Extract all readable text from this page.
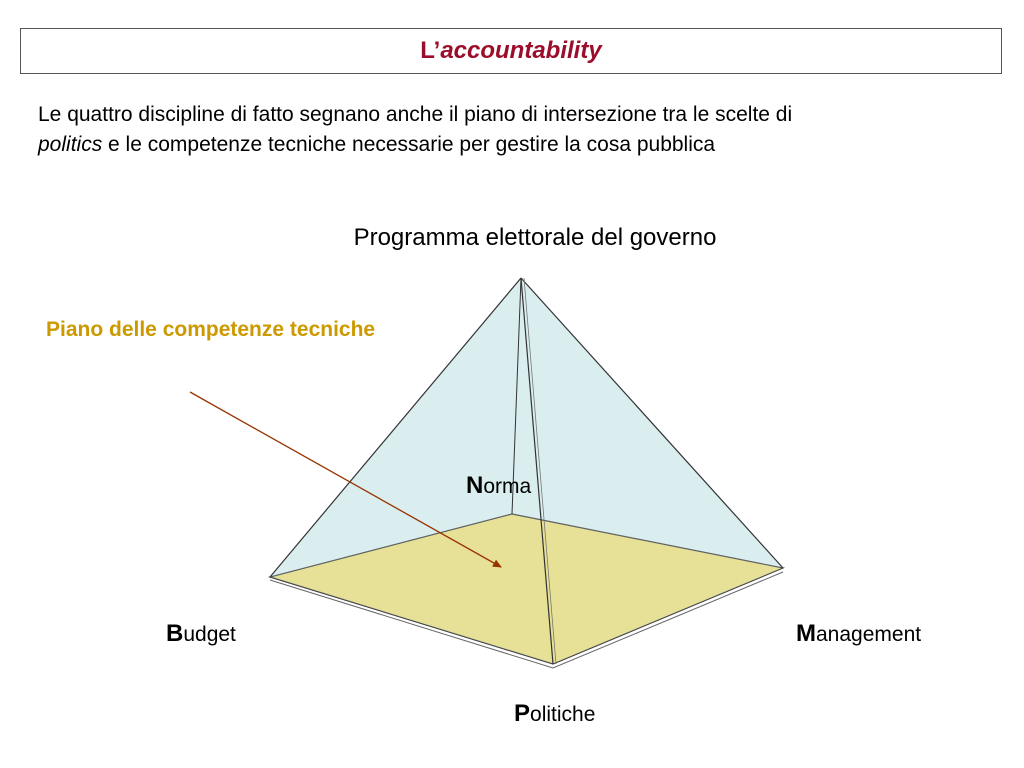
L’ accountability
Le quattro discipline di fatto segnano anche il piano di intersezione tra le scelte di
politics e le competenze tecniche necessarie per gestire la cosa pubblica
Programma elettorale del governo
Piano delle competenze tecniche
Norma
Budget	Management
Politiche
